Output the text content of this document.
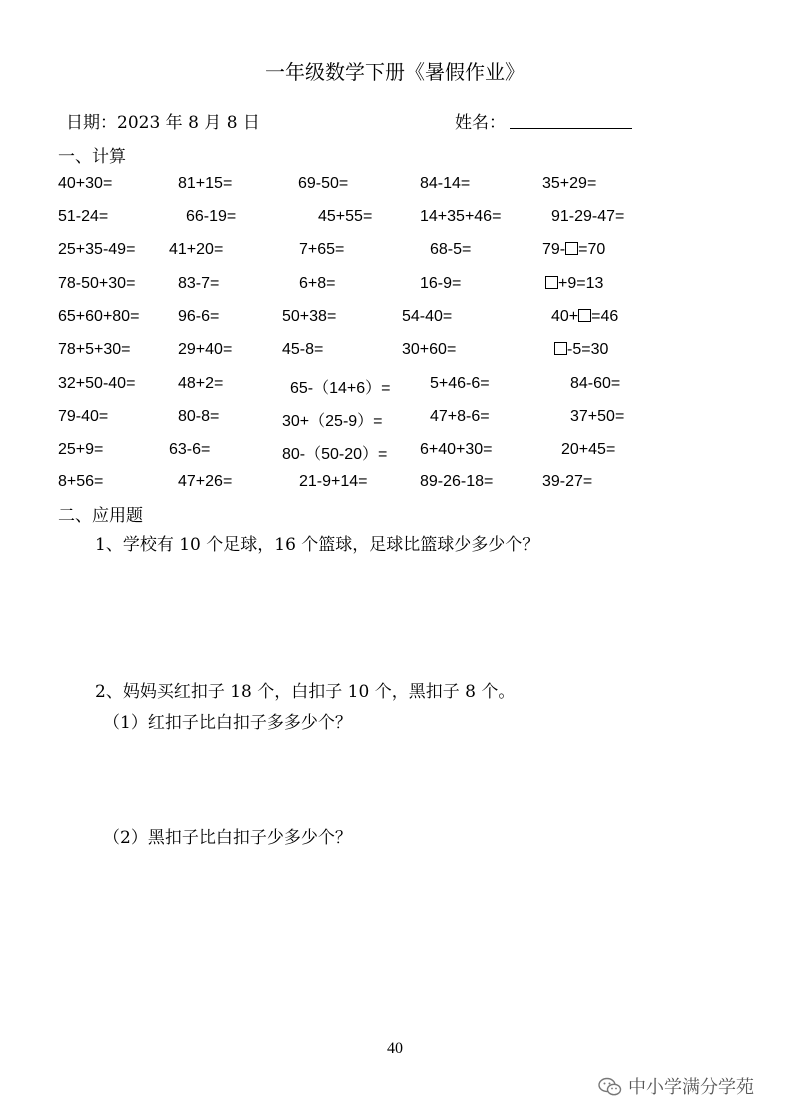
一年级数学下册《暑假作业》
日期：2023 年 8 月 8 日	姓名：
一、计算
40+30=	81+15=	69-50=	84-14=	35+29=
51-24=	66-19=	45+55=	14+35+46=	91-29-47=
25+35-49= 41+20=	7+65=	68-5=	79- =70
78-50+30=	83-7=	6+8=	16-9=	+9=13
65+60+80= 96-6=	50+38=	54-40=	40+ =46
78+5+30=	29+40=	45-8=	30+60=	-5=30
32+50-40=	48+2=	65-（14+6）= 5+46-6=	84-60=
79-40=	80-8=	30+（25-9）=	47+8-6=	37+50=
25+9=	63-6=	80-（50-20）= 6+40+30=	20+45=
8+56=	47+26=	21-9+14=	89-26-18=	39-27=
二、应用题
1、学校有 10 个足球，16 个篮球，足球比篮球少多少个？
2、妈妈买红扣子 18 个，白扣子 10 个，黑扣子 8 个。
（1）红扣子比白扣子多多少个？
（2）黑扣子比白扣子少多少个？
40
中小学满分学苑
